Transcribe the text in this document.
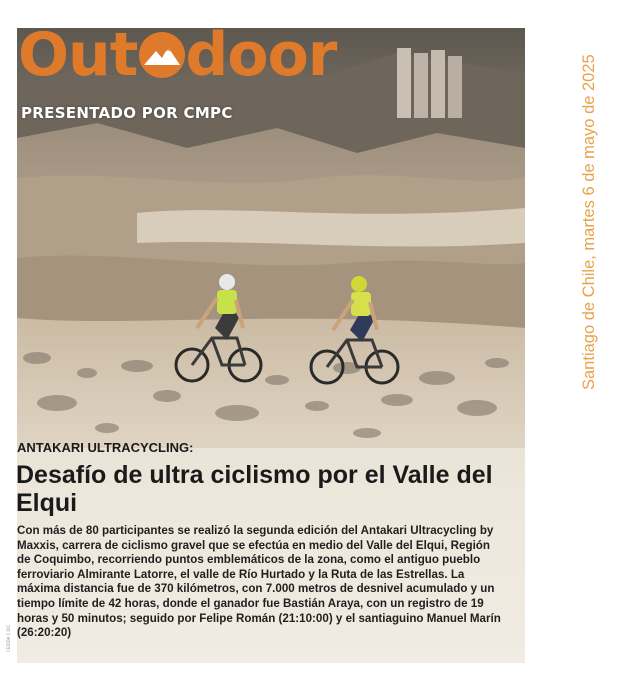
Out door
PRESENTADO POR CMPC
ANTAKARI ULTRACYCLING:
Desafío de ultra ciclismo por el Valle del Elqui
Con más de 80 participantes se realizó la segunda edición del Antakari Ultracycling by Maxxis, carrera de ciclismo gravel que se efectúa en medio del Valle del Elqui, Región de Coquimbo, recorriendo puntos emblemáticos de la zona, como el antiguo pueblo ferroviario Almirante Latorre, el valle de Río Hurtado y la Ruta de las Estrellas. La máxima distancia fue de 370 kilómetros, con 7.000 metros de desnivel acumulado y un tiempo límite de 42 horas, donde el ganador fue Bastián Araya, con un registro de 19 horas y 50 minutos; seguido por Felipe Román (21:10:00) y el santiaguino Manuel Marín (26:20:20)
Santiago de Chile, martes 6 de mayo de 2025
CEDIDA 1 DIC
